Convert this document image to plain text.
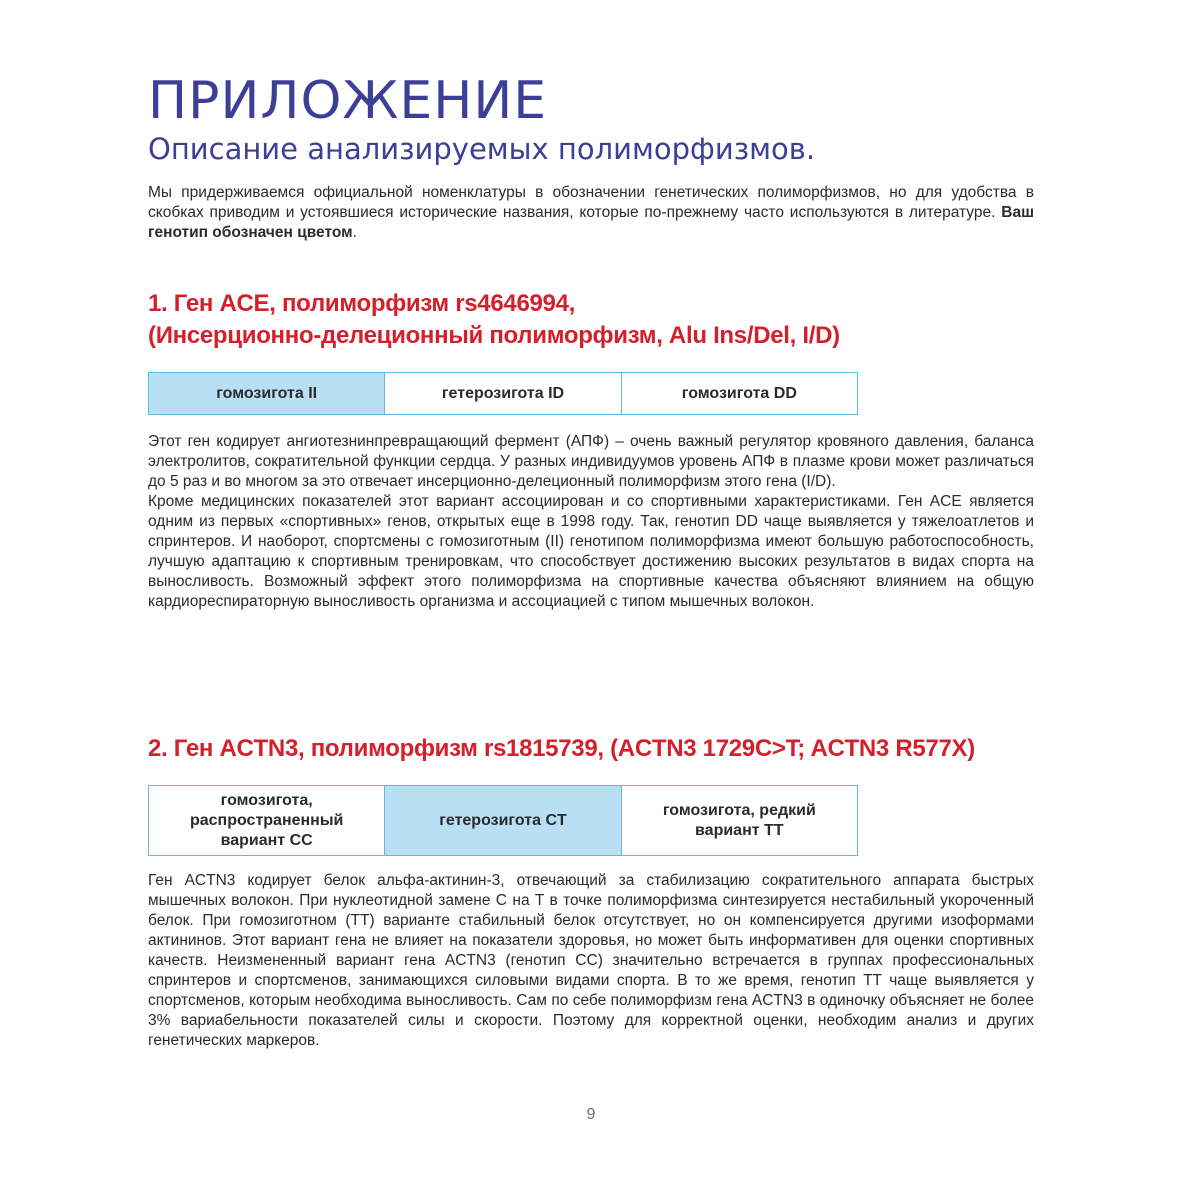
ПРИЛОЖЕНИЕ
Описание анализируемых полиморфизмов.

Мы придерживаемся официальной номенклатуры в обозначении генетических полиморфизмов, но для удобства в скобках приводим и устоявшиеся исторические названия, которые по-прежнему часто используются в литературе. Ваш генотип обозначен цветом.

1. Ген ACE, полиморфизм rs4646994,
(Инсерционно-делеционный полиморфизм, Alu Ins/Del, I/D)
гомозигота II	гетерозигота ID	гомозигота DD
Этот ген кодирует ангиотезнинпревращающий фермент (АПФ) – очень важный регулятор кровяного давления, баланса электролитов, сократительной функции сердца. У разных индивидуумов уровень АПФ в плазме крови может различаться до 5 раз и во многом за это отвечает инсерционно-делеционный полиморфизм этого гена (I/D).
Кроме медицинских показателей этот вариант ассоциирован и со спортивными характеристиками. Ген ACE является одним из первых «спортивных» генов, открытых еще в 1998 году. Так, генотип DD чаще выявляется у тяжелоатлетов и спринтеров. И наоборот, спортсмены с гомозиготным (II) генотипом полиморфизма имеют большую работоспособность, лучшую адаптацию к спортивным тренировкам, что способствует достижению высоких результатов в видах спорта на выносливость. Возможный эффект этого полиморфизма на спортивные качества объясняют влиянием на общую кардиореспираторную выносливость организма и ассоциацией с типом мышечных волокон.
2. Ген ACTN3, полиморфизм rs1815739, (ACTN3 1729C>T; ACTN3 R577X)
гомозигота, распространенный вариант CC
гетерозигота CT
гомозигота, редкий вариант TT
Ген ACTN3 кодирует белок альфа-актинин-3, отвечающий за стабилизацию сократительного аппарата быстрых мышечных волокон. При нуклеотидной замене C на T в точке полиморфизма синтезируется нестабильный укороченный белок. При гомозиготном (TT) варианте стабильный белок отсутствует, но он компенсируется другими изоформами актининов. Этот вариант гена не влияет на показатели здоровья, но может быть информативен для оценки спортивных качеств. Неизмененный вариант гена ACTN3 (генотип CC) значительно встречается в группах профессиональных спринтеров и спортсменов, занимающихся силовыми видами спорта. В то же время, генотип TT чаще выявляется у спортсменов, которым необходима выносливость. Сам по себе полиморфизм гена ACTN3 в одиночку объясняет не более 3% вариабельности показателей силы и скорости. Поэтому для корректной оценки, необходим анализ и других генетических маркеров.
9
